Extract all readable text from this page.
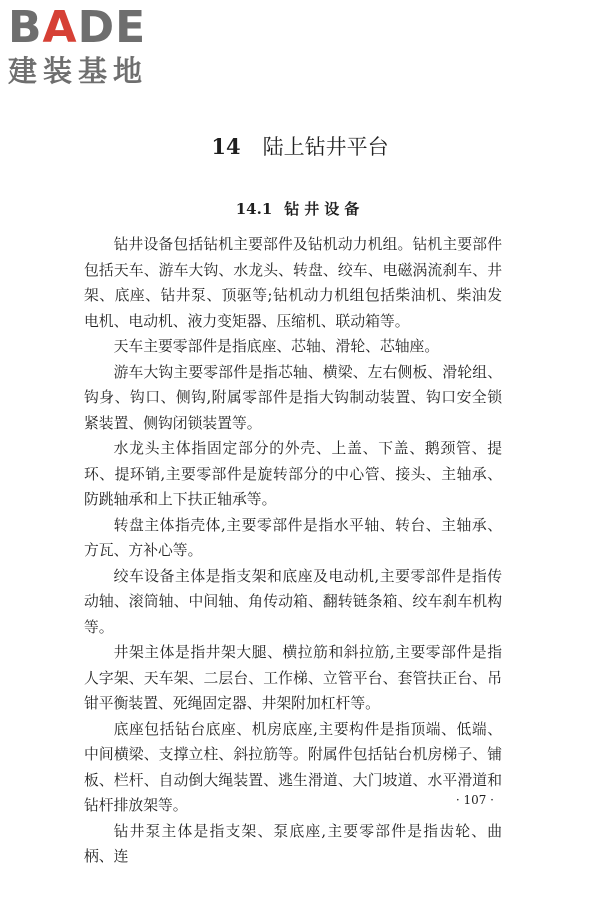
BADE
建装基地
14 陆上钻井平台
14.1 钻井设备

钻井设备包括钻机主要部件及钻机动力机组。钻机主要部件包括天车、游车大钩、水龙头、转盘、绞车、电磁涡流刹车、井架、底座、钻井泵、顶驱等;钻机动力机组包括柴油机、柴油发电机、电动机、液力变矩器、压缩机、联动箱等。

天车主要零部件是指底座、芯轴、滑轮、芯轴座。

游车大钩主要零部件是指芯轴、横梁、左右侧板、滑轮组、钩身、钩口、侧钩,附属零部件是指大钩制动装置、钩口安全锁紧装置、侧钩闭锁装置等。

水龙头主体指固定部分的外壳、上盖、下盖、鹅颈管、提环、提环销,主要零部件是旋转部分的中心管、接头、主轴承、防跳轴承和上下扶正轴承等。

转盘主体指壳体,主要零部件是指水平轴、转台、主轴承、方瓦、方补心等。

绞车设备主体是指支架和底座及电动机,主要零部件是指传动轴、滚筒轴、中间轴、角传动箱、翻转链条箱、绞车刹车机构等。

井架主体是指井架大腿、横拉筋和斜拉筋,主要零部件是指人字架、天车架、二层台、工作梯、立管平台、套管扶正台、吊钳平衡装置、死绳固定器、井架附加杠杆等。

底座包括钻台底座、机房底座,主要构件是指顶端、低端、中间横梁、支撑立柱、斜拉筋等。附属件包括钻台机房梯子、铺板、栏杆、自动倒大绳装置、逃生滑道、大门坡道、水平滑道和钻杆排放架等。

钻井泵主体是指支架、泵底座,主要零部件是指齿轮、曲柄、连

· 107 ·
